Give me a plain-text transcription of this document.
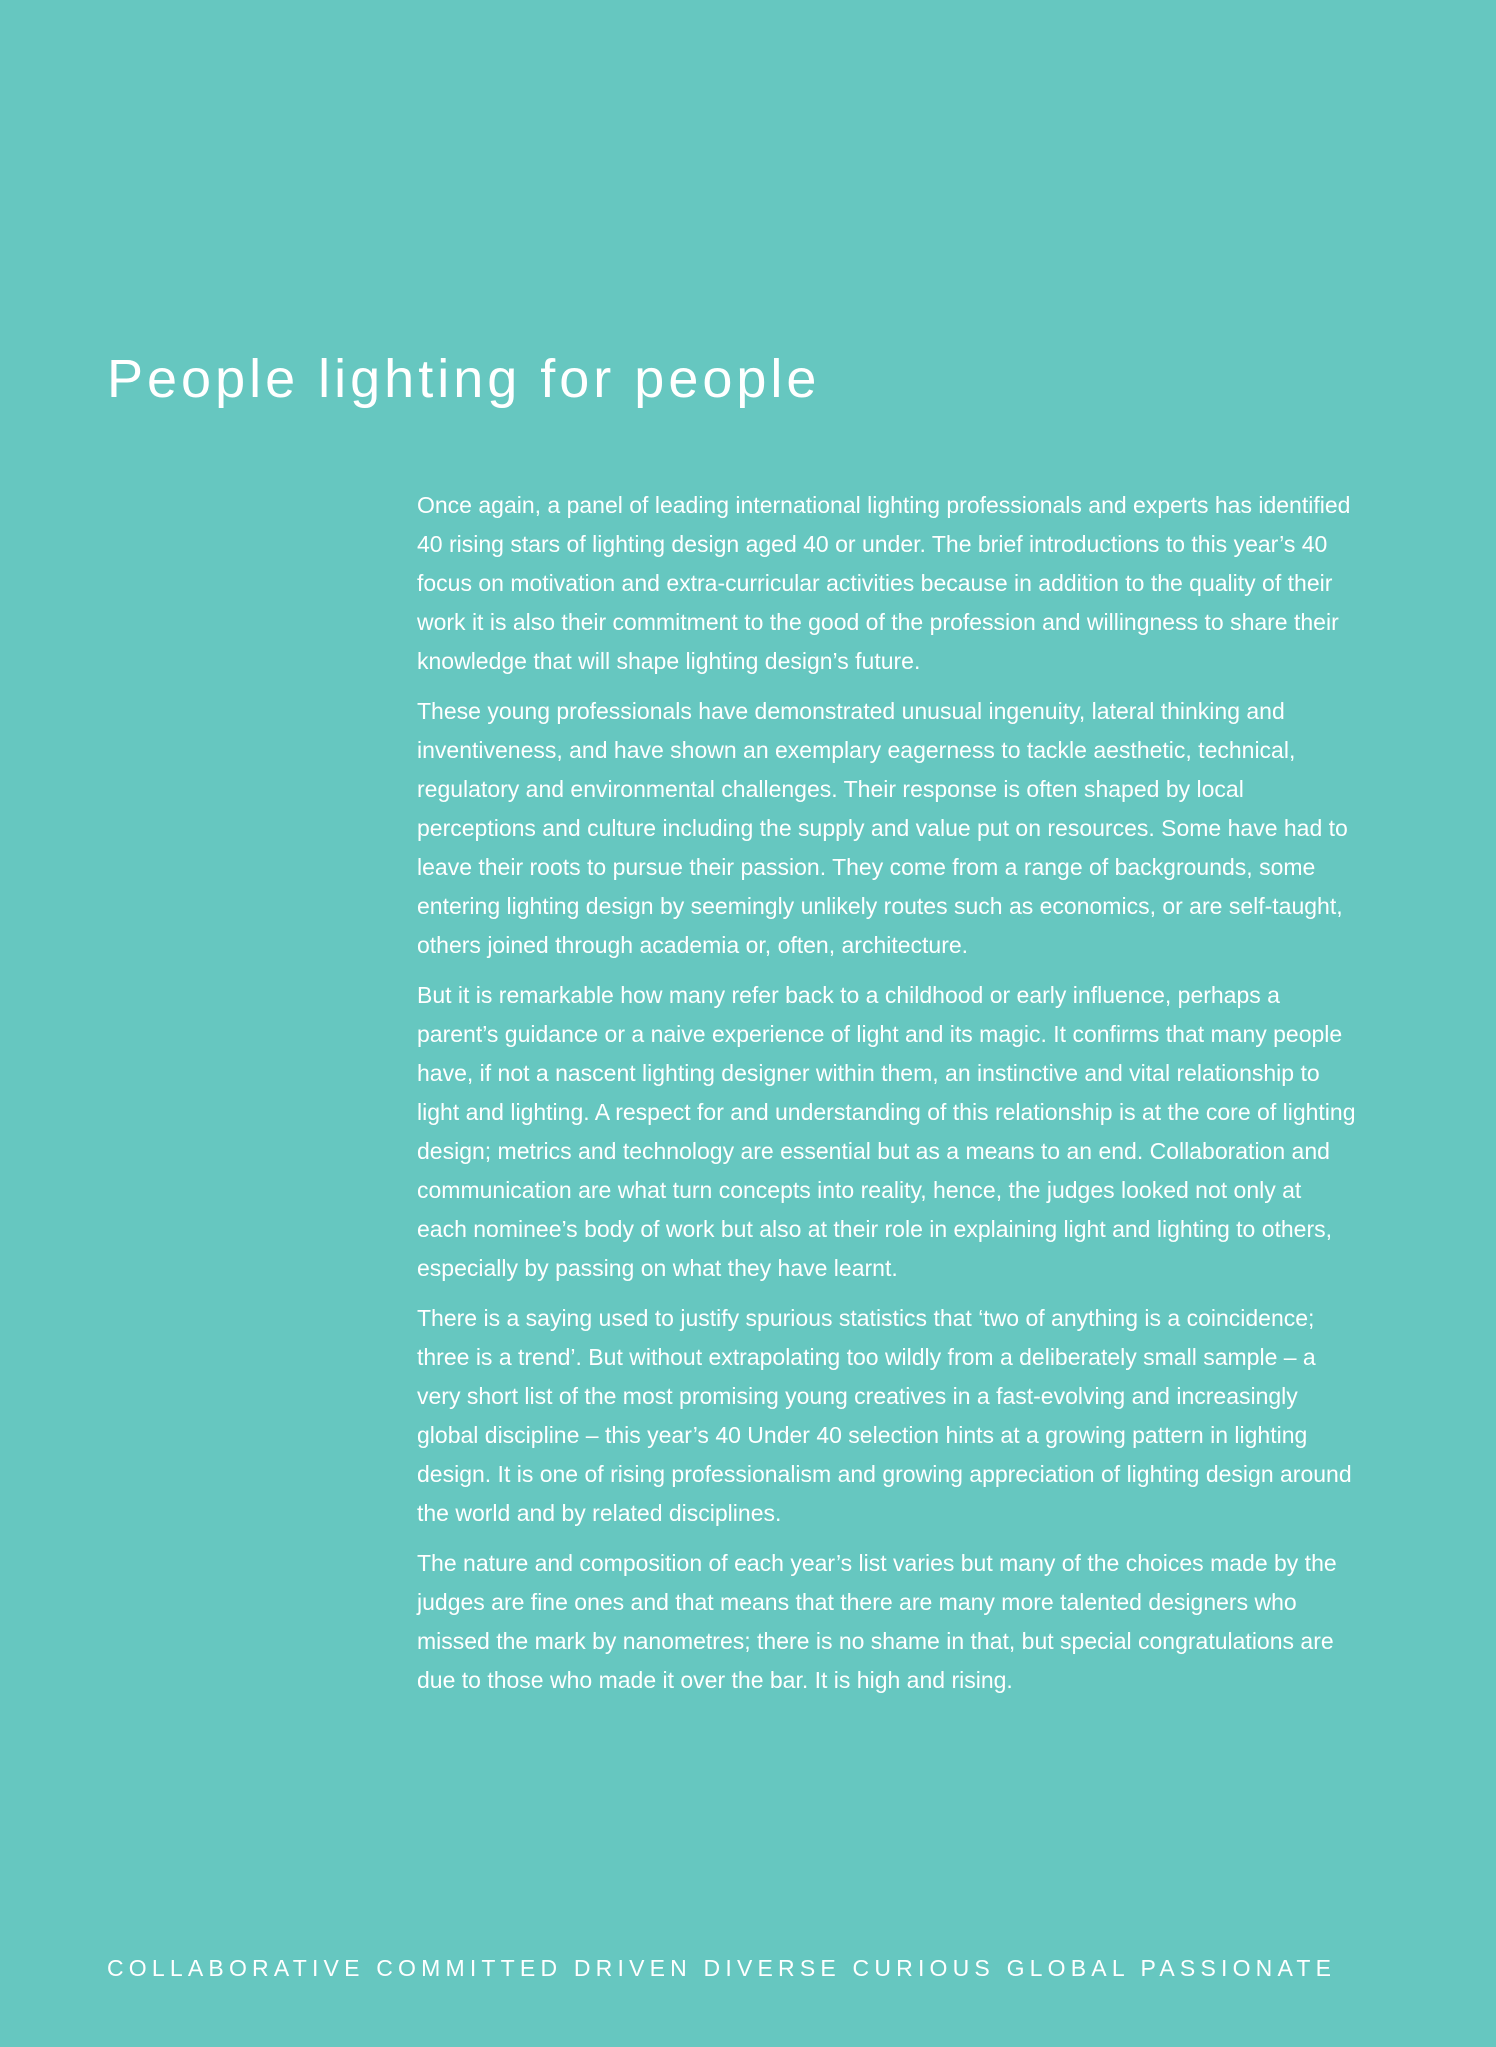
People lighting for people

Once again, a panel of leading international lighting professionals and experts has identified 40 rising stars of lighting design aged 40 or under. The brief introductions to this year’s 40 focus on motivation and extra-curricular activities because in addition to the quality of their work it is also their commitment to the good of the profession and willingness to share their knowledge that will shape lighting design’s future.

These young professionals have demonstrated unusual ingenuity, lateral thinking and inventiveness, and have shown an exemplary eagerness to tackle aesthetic, technical, regulatory and environmental challenges. Their response is often shaped by local perceptions and culture including the supply and value put on resources. Some have had to leave their roots to pursue their passion. They come from a range of backgrounds, some entering lighting design by seemingly unlikely routes such as economics, or are self-taught, others joined through academia or, often, architecture.

But it is remarkable how many refer back to a childhood or early influence, perhaps a parent’s guidance or a naive experience of light and its magic. It confirms that many people have, if not a nascent lighting designer within them, an instinctive and vital relationship to light and lighting. A respect for and understanding of this relationship is at the core of lighting design; metrics and technology are essential but as a means to an end. Collaboration and communication are what turn concepts into reality, hence, the judges looked not only at each nominee’s body of work but also at their role in explaining light and lighting to others, especially by passing on what they have learnt.

There is a saying used to justify spurious statistics that ‘two of anything is a coincidence; three is a trend’. But without extrapolating too wildly from a deliberately small sample – a very short list of the most promising young creatives in a fast-evolving and increasingly global discipline – this year’s 40 Under 40 selection hints at a growing pattern in lighting design. It is one of rising professionalism and growing appreciation of lighting design around the world and by related disciplines.

The nature and composition of each year’s list varies but many of the choices made by the judges are fine ones and that means that there are many more talented designers who missed the mark by nanometres; there is no shame in that, but special congratulations are due to those who made it over the bar. It is high and rising.

COLLABORATIVE COMMITTED DRIVEN DIVERSE CURIOUS GLOBAL PASSIONATE
